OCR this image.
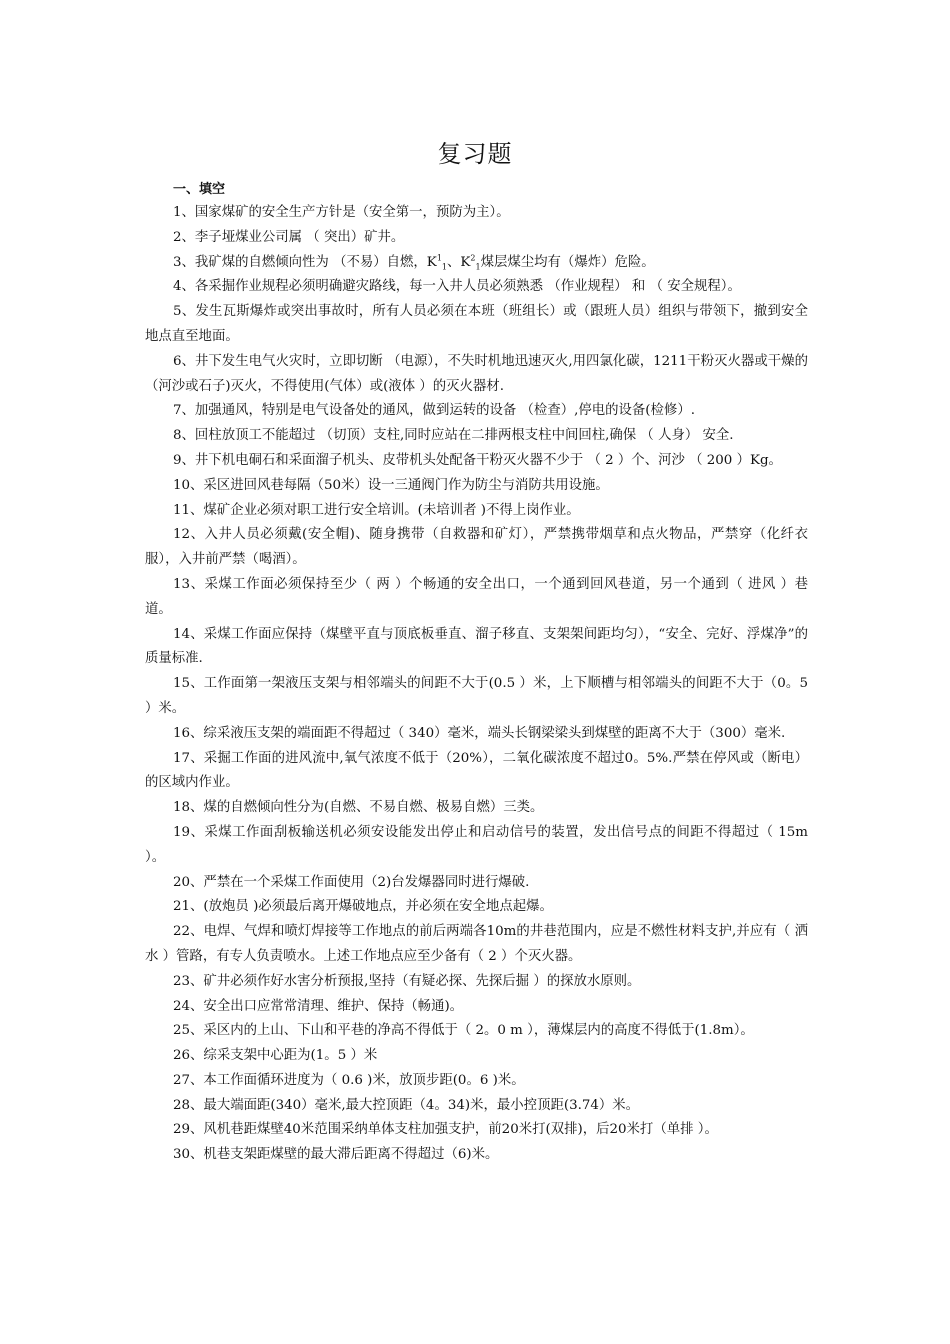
复习题
一、填空
1、国家煤矿的安全生产方针是（安全第一，预防为主）。
2、李子垭煤业公司属 （ 突出）矿井。
3、我矿煤的自燃倾向性为 （不易）自燃，$K^1_1$、$K^2_1$煤层煤尘均有（爆炸）危险。
4、各采掘作业规程必须明确避灾路线，每一入井人员必须熟悉 （作业规程） 和 （ 安全规程）。
5、发生瓦斯爆炸或突出事故时，所有人员必须在本班（班组长）或（跟班人员）组织与带领下，撤到安全地点直至地面。
6、井下发生电气火灾时，立即切断 （电源），不失时机地迅速灭火,用四氯化碳，1211干粉灭火器或干燥的 （河沙或石子)灭火，不得使用(气体）或(液体 ）的灭火器材.
7、加强通风，特别是电气设备处的通风，做到运转的设备 （检查）,停电的设备(检修）.
8、回柱放顶工不能超过 （切顶）支柱,同时应站在二排两根支柱中间回柱,确保 （ 人身） 安全.
9、井下机电硐石和采面溜子机头、皮带机头处配备干粉灭火器不少于 （ 2 ）个、河沙 （ 200 ）Kg。
10、采区进回风巷每隔（50米）设一三通阀门作为防尘与消防共用设施。
11、煤矿企业必须对职工进行安全培训。(未培训者 )不得上岗作业。
12、入井人员必须戴(安全帽)、随身携带（自救器和矿灯），严禁携带烟草和点火物品，严禁穿（化纤衣服），入井前严禁（喝酒）。
13、采煤工作面必须保持至少（ 两 ）个畅通的安全出口，一个通到回风巷道，另一个通到（ 进风 ）巷道。
14、采煤工作面应保持（煤壁平直与顶底板垂直、溜子移直、支架架间距均匀），“安全、完好、浮煤净”的质量标准.
15、工作面第一架液压支架与相邻端头的间距不大于(0.5 ）米，上下顺槽与相邻端头的间距不大于（0。5 ）米。
16、综采液压支架的端面距不得超过（ 340）毫米，端头长钢梁梁头到煤壁的距离不大于（300）毫米.
17、采掘工作面的进风流中,氧气浓度不低于（20%），二氧化碳浓度不超过0。5%.严禁在停风或（断电）的区域内作业。
18、煤的自燃倾向性分为(自燃、不易自燃、极易自燃）三类。
19、采煤工作面刮板输送机必须安设能发出停止和启动信号的装置，发出信号点的间距不得超过（ 15m ）。
20、严禁在一个采煤工作面使用（2)台发爆器同时进行爆破.
21、(放炮员 )必须最后离开爆破地点，并必须在安全地点起爆。
22、电焊、气焊和喷灯焊接等工作地点的前后两端各10m的井巷范围内，应是不燃性材料支护,并应有（ 洒水 ）管路，有专人负责喷水。上述工作地点应至少备有（ 2 ）个灭火器。
23、矿井必须作好水害分析预报,坚持（有疑必探、先探后掘 ）的探放水原则。
24、安全出口应常常清理、维护、保持（畅通)。
25、采区内的上山、下山和平巷的净高不得低于（ 2。0 m ），薄煤层内的高度不得低于(1.8m）。
26、综采支架中心距为(1。5 ）米
27、本工作面循环进度为（ 0.6 )米，放顶步距(0。6 )米。
28、最大端面距(340）毫米,最大控顶距（4。34)米，最小控顶距(3.74）米。
29、风机巷距煤壁40米范围采纳单体支柱加强支护，前20米打(双排)，后20米打（单排 ）。
30、机巷支架距煤壁的最大滞后距离不得超过（6)米。
